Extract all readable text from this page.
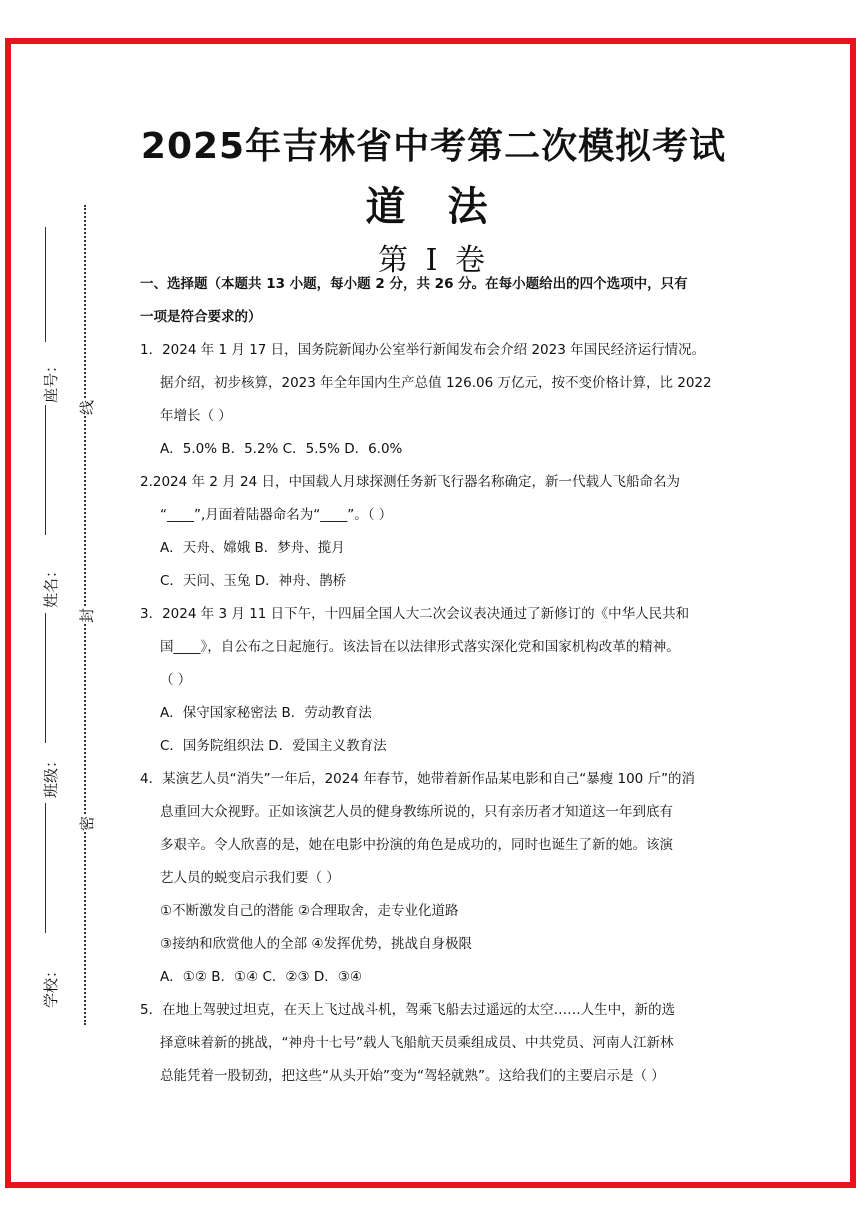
2025年吉林省中考第二次模拟考试
道 法
第 I 卷
座号：
姓名：
班级：
学校：
线
封
密
一、选择题（本题共 13 小题，每小题 2 分，共 26 分。在每小题给出的四个选项中，只有
一项是符合要求的）
1．2024 年 1 月 17 日，国务院新闻办公室举行新闻发布会介绍 2023 年国民经济运行情况。
据介绍，初步核算，2023 年全年国内生产总值 126.06 万亿元，按不变价格计算，比 2022
年增长（ ）
A．5.0% B．5.2% C．5.5% D．6.0%
2.2024 年 2 月 24 日，中国载人月球探测任务新飞行器名称确定，新一代载人飞船命名为
“____”,月面着陆器命名为“____”。（ ）
A．天舟、嫦娥 B．梦舟、揽月
C．天问、玉兔 D．神舟、鹊桥
3．2024 年 3 月 11 日下午，十四届全国人大二次会议表决通过了新修订的《中华人民共和
国____》，自公布之日起施行。该法旨在以法律形式落实深化党和国家机构改革的精神。
（ ）
A．保守国家秘密法 B．劳动教育法
C．国务院组织法 D．爱国主义教育法
4．某演艺人员“消失”一年后，2024 年春节，她带着新作品某电影和自己“暴瘦 100 斤”的消
息重回大众视野。正如该演艺人员的健身教练所说的，只有亲历者才知道这一年到底有
多艰辛。令人欣喜的是，她在电影中扮演的角色是成功的，同时也诞生了新的她。该演
艺人员的蜕变启示我们要（ ）
①不断激发自己的潜能 ②合理取舍，走专业化道路
③接纳和欣赏他人的全部 ④发挥优势，挑战自身极限
A．①② B．①④ C．②③ D．③④
5．在地上驾驶过坦克，在天上飞过战斗机，驾乘飞船去过遥远的太空……人生中，新的选
择意味着新的挑战，“神舟十七号”载人飞船航天员乘组成员、中共党员、河南人江新林
总能凭着一股韧劲，把这些“从头开始”变为“驾轻就熟”。这给我们的主要启示是（ ）
